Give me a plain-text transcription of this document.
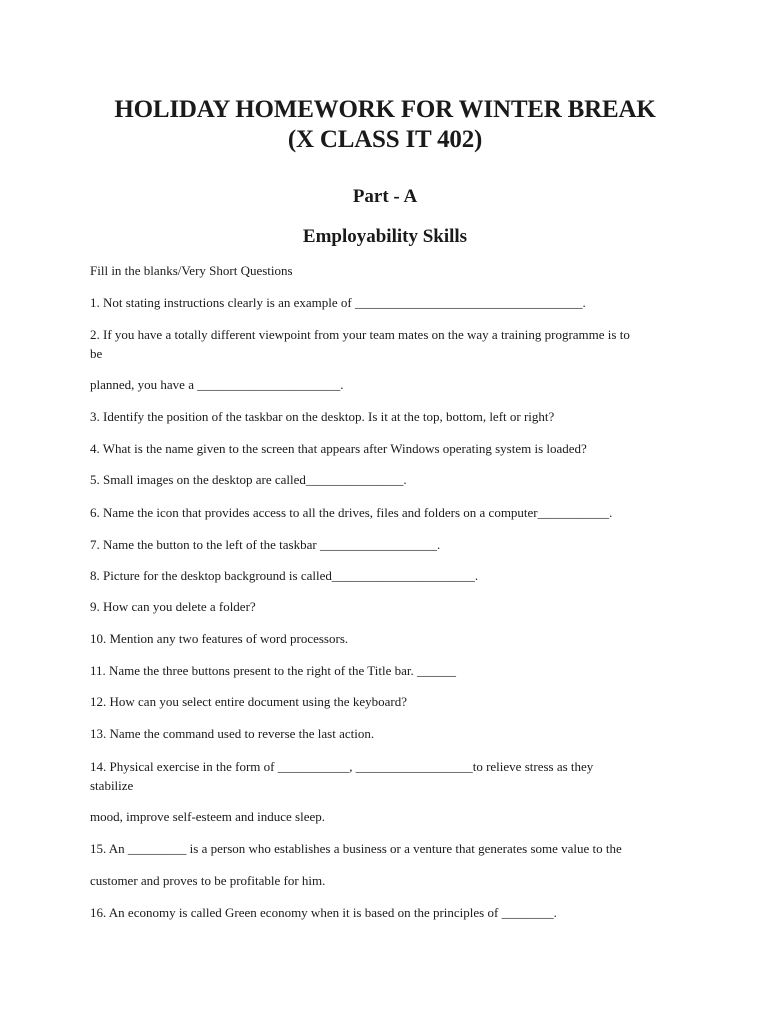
HOLIDAY HOMEWORK FOR WINTER BREAK
(X CLASS IT 402)
Part - A
Employability Skills
Fill in the blanks/Very Short Questions
1. Not stating instructions clearly is an example of ___________________________________.
2. If you have a totally different viewpoint from your team mates on the way a training programme is to
be
planned, you have a ______________________.
3. Identify the position of the taskbar on the desktop. Is it at the top, bottom, left or right?
4. What is the name given to the screen that appears after Windows operating system is loaded?
5. Small images on the desktop are called_______________.
6. Name the icon that provides access to all the drives, files and folders on a computer___________.
7. Name the button to the left of the taskbar __________________.
8. Picture for the desktop background is called______________________.
9. How can you delete a folder?
10. Mention any two features of word processors.
11. Name the three buttons present to the right of the Title bar. ______
12. How can you select entire document using the keyboard?
13. Name the command used to reverse the last action.
14. Physical exercise in the form of ___________, __________________to relieve stress as they
stabilize
mood, improve self-esteem and induce sleep.
15. An _________ is a person who establishes a business or a venture that generates some value to the
customer and proves to be profitable for him.
16. An economy is called Green economy when it is based on the principles of ________.
